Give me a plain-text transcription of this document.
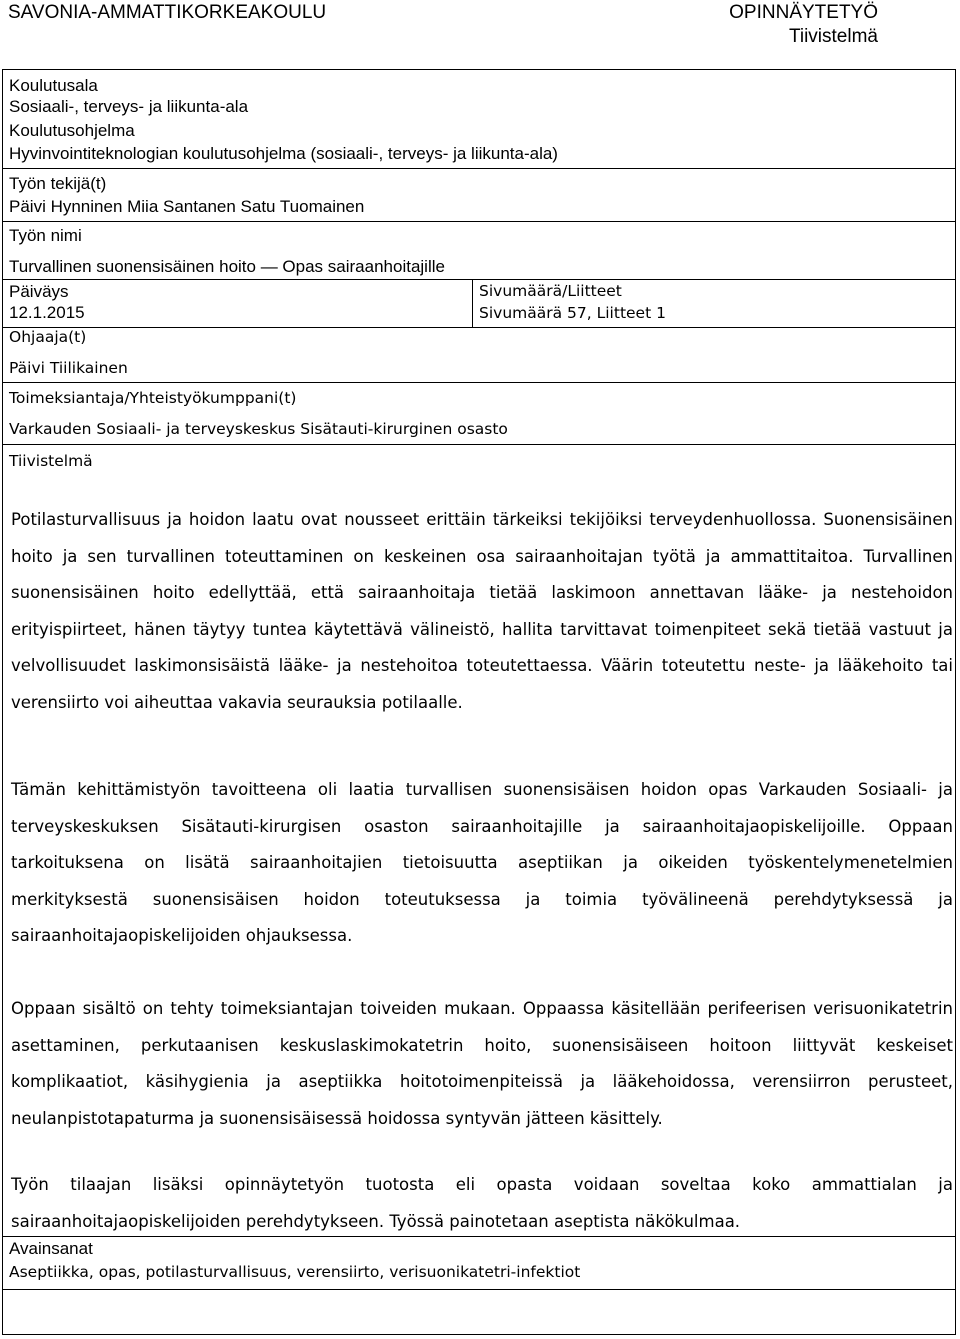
SAVONIA-AMMATTIKORKEAKOULU	OPINNÄYTETYÖ
Tiivistelmä
Koulutusala
Sosiaali-, terveys- ja liikunta-ala
Koulutusohjelma
Hyvinvointiteknologian koulutusohjelma (sosiaali-, terveys- ja liikunta-ala)
Työn tekijä(t)
Päivi Hynninen Miia Santanen Satu Tuomainen
Työn nimi
Turvallinen suonensisäinen hoito — Opas sairaanhoitajille
Päiväys
12.1.2015
Sivumäärä/Liitteet
Sivumäärä 57, Liitteet 1
Ohjaaja(t)
Päivi Tiilikainen
Toimeksiantaja/Yhteistyökumppani(t)
Varkauden Sosiaali- ja terveyskeskus Sisätauti-kirurginen osasto
Tiivistelmä

Potilasturvallisuus ja hoidon laatu ovat nousseet erittäin tärkeiksi tekijöiksi terveydenhuollossa. Suonensisäinen hoito ja sen turvallinen toteuttaminen on keskeinen osa sairaanhoitajan työtä ja ammattitaitoa. Turvallinen suonensisäinen hoito edellyttää, että sairaanhoitaja tietää laskimoon annettavan lääke- ja nestehoidon erityispiirteet, hänen täytyy tuntea käytettävä välineistö, hallita tarvittavat toimenpiteet sekä tietää vastuut ja velvollisuudet laskimonsisäistä lääke- ja nestehoitoa toteutettaessa. Väärin toteutettu neste- ja lääkehoito tai verensiirto voi aiheuttaa vakavia seurauksia potilaalle.

Tämän kehittämistyön tavoitteena oli laatia turvallisen suonensisäisen hoidon opas Varkauden Sosiaali- ja terveyskeskuksen Sisätauti-kirurgisen osaston sairaanhoitajille ja sairaanhoitajaopiskelijoille. Oppaan tarkoituksena on lisätä sairaanhoitajien tietoisuutta aseptiikan ja oikeiden työskentelymenetelmien merkityksestä suonensisäisen hoidon toteutuksessa ja toimia työvälineenä perehdytyksessä ja sairaanhoitajaopiskelijoiden ohjauksessa.

Oppaan sisältö on tehty toimeksiantajan toiveiden mukaan. Oppaassa käsitellään perifeerisen verisuonikatetrin asettaminen, perkutaanisen keskuslaskimokatetrin hoito, suonensisäiseen hoitoon liittyvät keskeiset komplikaatiot, käsihygienia ja aseptiikka hoitotoimenpiteissä ja lääkehoidossa, verensiirron perusteet, neulanpistotapaturma ja suonensisäisessä hoidossa syntyvän jätteen käsittely.

Työn tilaajan lisäksi opinnäytetyön tuotosta eli opasta voidaan soveltaa koko ammattialan ja sairaanhoitajaopiskelijoiden perehdytykseen. Työssä painotetaan aseptista näkökulmaa.

Avainsanat
Aseptiikka, opas, potilasturvallisuus, verensiirto, verisuonikatetri-infektiot
